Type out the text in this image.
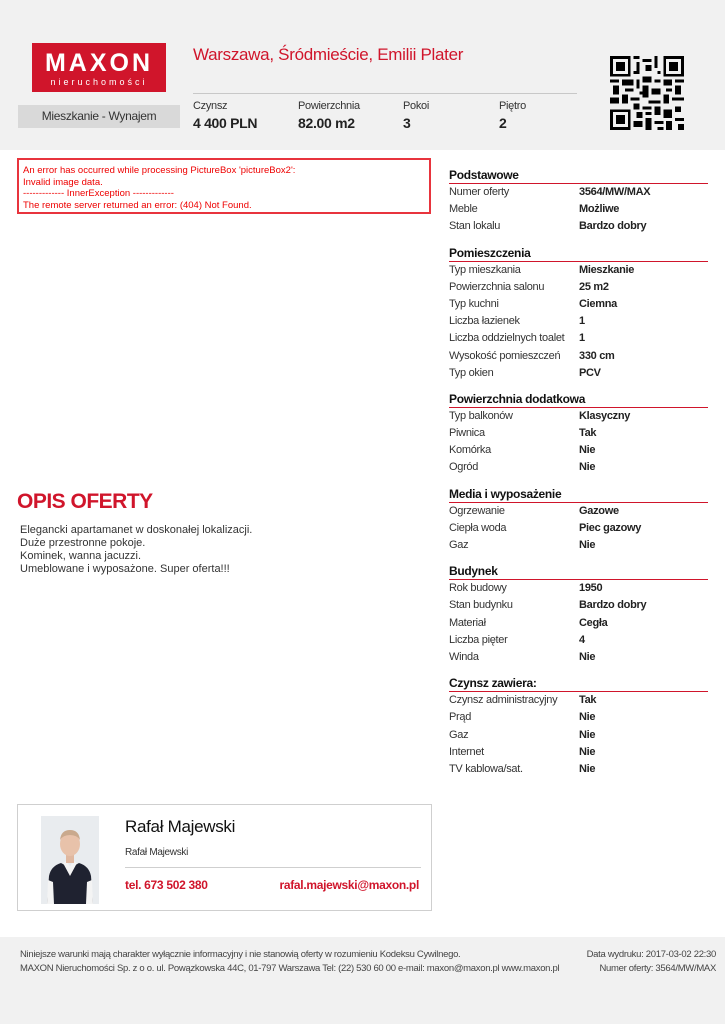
MAXON
nieruchomości
Warszawa, Śródmieście, Emilii Plater
Mieszkanie - Wynajem
Czynsz
4 400 PLN
Powierzchnia
82.00 m2
Pokoi
3
Piętro
2
An error has occurred while processing PictureBox 'pictureBox2':
Invalid image data.
------------- InnerException -------------
The remote server returned an error: (404) Not Found.
OPIS OFERTY
Elegancki apartamanet w doskonałej lokalizacji.
Duże przestronne pokoje.
Kominek, wanna jacuzzi.
Umeblowane i wyposażone. Super oferta!!!
Podstawowe
Numer oferty	3564/MW/MAX
Meble	Możliwe
Stan lokalu	Bardzo dobry
Pomieszczenia
Typ mieszkania	Mieszkanie
Powierzchnia salonu	25 m2
Typ kuchni	Ciemna
Liczba łazienek	1
Liczba oddzielnych toalet	1
Wysokość pomieszczeń	330 cm
Typ okien	PCV
Powierzchnia dodatkowa
Typ balkonów	Klasyczny
Piwnica	Tak
Komórka	Nie
Ogród	Nie
Media i wyposażenie
Ogrzewanie	Gazowe
Ciepła woda	Piec gazowy
Gaz	Nie
Budynek
Rok budowy	1950
Stan budynku	Bardzo dobry
Materiał	Cegła
Liczba pięter	4
Winda	Nie
Czynsz zawiera:
Czynsz administracyjny	Tak
Prąd	Nie
Gaz	Nie
Internet	Nie
TV kablowa/sat.	Nie
Rafał Majewski
Rafał Majewski
tel. 673 502 380	rafal.majewski@maxon.pl
Niniejsze warunki mają charakter wyłącznie informacyjny i nie stanowią oferty w rozumieniu Kodeksu Cywilnego.
MAXON Nieruchomości Sp. z o o. ul. Powązkowska 44C, 01-797 Warszawa Tel: (22) 530 60 00 e-mail: maxon@maxon.pl www.maxon.pl
Data wydruku: 2017-03-02 22:30
Numer oferty: 3564/MW/MAX
